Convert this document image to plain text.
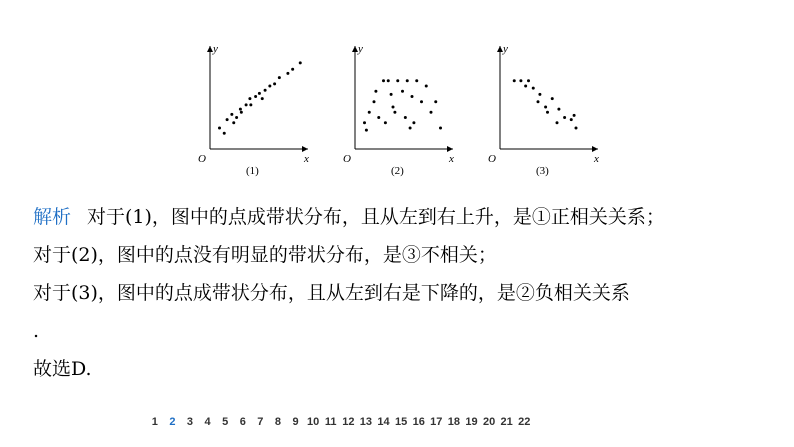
y
x
O
(1)
y
x
O
(2)
y
x
O
(3)
解析 对于(1)，图中的点成带状分布，且从左到右上升，是①正相关关系；
对于(2)，图中的点没有明显的带状分布，是③不相关；
对于(3)，图中的点成带状分布，且从左到右是下降的，是②负相关关系
.
故选D.
1	2	3	4	5	6	7	8	9 10 11 12 13 14 15 16 17 18 19 20 21 22
